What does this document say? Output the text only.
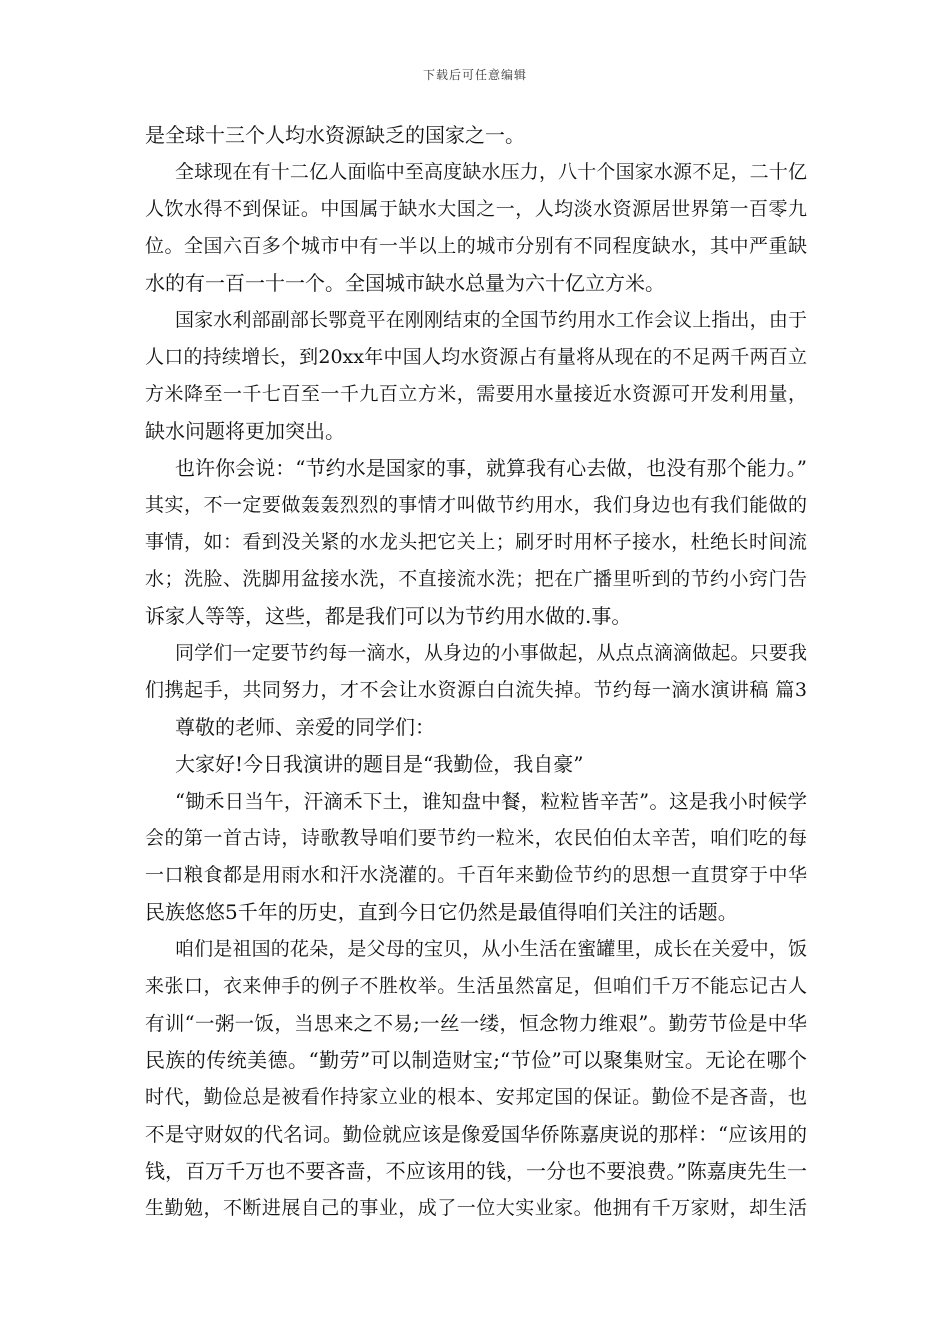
下载后可任意编辑
是全球十三个人均水资源缺乏的国家之一。
全球现在有十二亿人面临中至高度缺水压力，八十个国家水源不足，二十亿
人饮水得不到保证。中国属于缺水大国之一，人均淡水资源居世界第一百零九
位。全国六百多个城市中有一半以上的城市分别有不同程度缺水，其中严重缺
水的有一百一十一个。全国城市缺水总量为六十亿立方米。
国家水利部副部长鄂竟平在刚刚结束的全国节约用水工作会议上指出，由于
人口的持续增长，到20xx年中国人均水资源占有量将从现在的不足两千两百立
方米降至一千七百至一千九百立方米，需要用水量接近水资源可开发利用量，
缺水问题将更加突出。
也许你会说：“节约水是国家的事，就算我有心去做，也没有那个能力。”
其实，不一定要做轰轰烈烈的事情才叫做节约用水，我们身边也有我们能做的
事情，如：看到没关紧的水龙头把它关上；刷牙时用杯子接水，杜绝长时间流
水；洗脸、洗脚用盆接水洗，不直接流水洗；把在广播里听到的节约小窍门告
诉家人等等，这些，都是我们可以为节约用水做的.事。
同学们一定要节约每一滴水，从身边的小事做起，从点点滴滴做起。只要我
们携起手，共同努力，才不会让水资源白白流失掉。节约每一滴水演讲稿 篇3
尊敬的老师、亲爱的同学们：
大家好!今日我演讲的题目是“我勤俭，我自豪”
“锄禾日当午，汗滴禾下土，谁知盘中餐，粒粒皆辛苦”。这是我小时候学
会的第一首古诗，诗歌教导咱们要节约一粒米，农民伯伯太辛苦，咱们吃的每
一口粮食都是用雨水和汗水浇灌的。千百年来勤俭节约的思想一直贯穿于中华
民族悠悠5千年的历史，直到今日它仍然是最值得咱们关注的话题。
咱们是祖国的花朵，是父母的宝贝，从小生活在蜜罐里，成长在关爱中，饭
来张口，衣来伸手的例子不胜枚举。生活虽然富足，但咱们千万不能忘记古人
有训“一粥一饭，当思来之不易;一丝一缕，恒念物力维艰”。勤劳节俭是中华
民族的传统美德。“勤劳”可以制造财宝;“节俭”可以聚集财宝。无论在哪个
时代，勤俭总是被看作持家立业的根本、安邦定国的保证。勤俭不是吝啬，也
不是守财奴的代名词。勤俭就应该是像爱国华侨陈嘉庚说的那样：“应该用的
钱，百万千万也不要吝啬，不应该用的钱，一分也不要浪费。”陈嘉庚先生一
生勤勉，不断进展自己的事业，成了一位大实业家。他拥有千万家财，却生活
